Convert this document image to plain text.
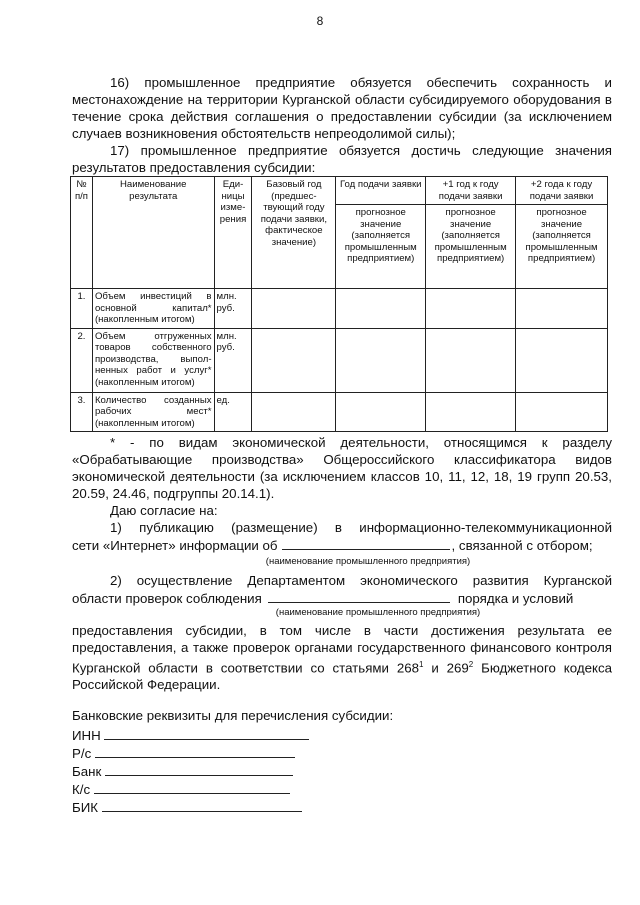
8
16) промышленное предприятие обязуется обеспечить сохранность и местонахождение на территории Курганской области субсидируемого оборудования в течение срока действия соглашения о предоставлении субсидии (за исключением случаев возникновения обстоятельств непреодолимой силы);
17) промышленное предприятие обязуется достичь следующие значения результатов предоставления субсидии:
№ п/п	Наименование результата	Еди- ницы изме- рения	Базовый год (предшес- твующий году подачи заявки, фактическое значение)	Год подачи заявки	+1 год к году подачи заявки	+2 года к году подачи заявки
				прогнозное значение (заполняется промышленным предприятием)	прогнозное значение (заполняется промышленным предприятием)	прогнозное значение (заполняется промышленным предприятием)
1.	Объем инвестиций в основной капитал* (накопленным итогом)	млн. руб.				
2.	Объем отгруженных товаров собственного производства, выпол- ненных работ и услуг* (накопленным итогом)	млн. руб.				
3.	Количество созданных рабочих мест* (накопленным итогом)	ед.				
* - по видам экономической деятельности, относящимся к разделу «Обрабатывающие производства» Общероссийского классификатора видов экономической деятельности (за исключением классов 10, 11, 12, 18, 19 групп 20.53, 20.59, 24.46, подгруппы 20.14.1).
Даю согласие на:
1) публикацию (размещение) в информационно-телекоммуникационной
сети «Интернет» информации об	, связанной с отбором;
(наименование промышленного предприятия)
2) осуществление Департаментом экономического развития Курганской
области проверок соблюдения	порядка и условий
(наименование промышленного предприятия)
предоставления субсидии, в том числе в части достижения результата ее предоставления, а также проверок органами государственного финансового контроля Курганской области в соответствии со статьями $268^1$ и $269^2$ Бюджетного кодекса Российской Федерации.
Банковские реквизиты для перечисления субсидии:
ИНН
Р/с
Банк
К/с
БИК
